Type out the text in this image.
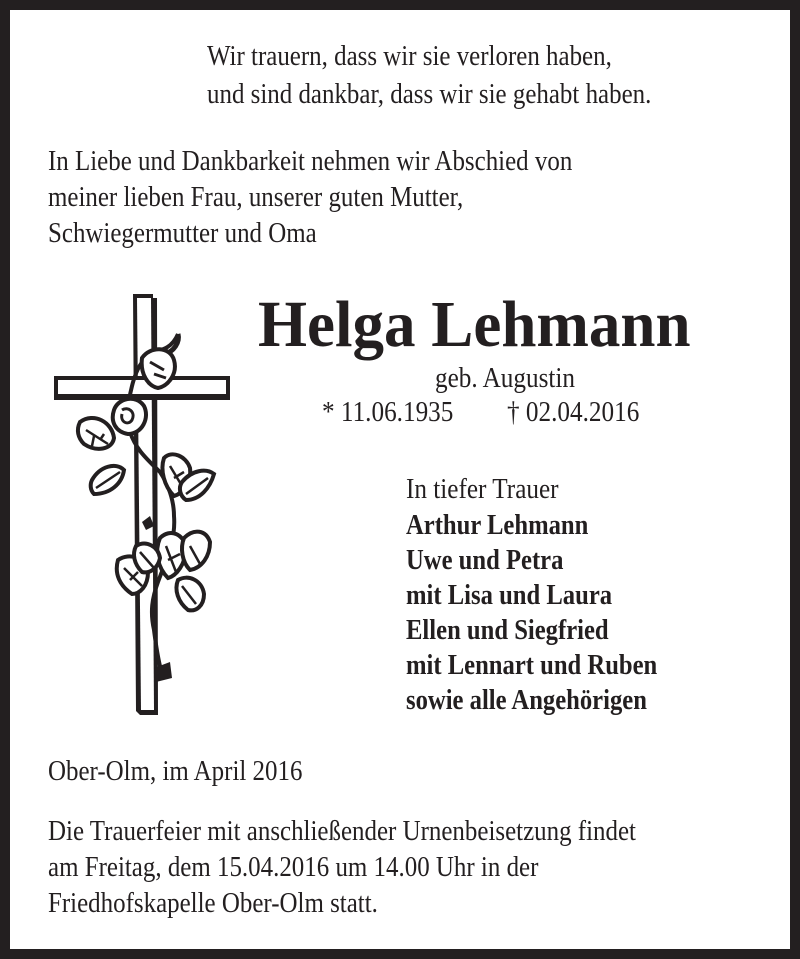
Wir trauern, dass wir sie verloren haben,
und sind dankbar, dass wir sie gehabt haben.
In Liebe und Dankbarkeit nehmen wir Abschied von
meiner lieben Frau, unserer guten Mutter,
Schwiegermutter und Oma
Helga Lehmann
geb. Augustin
* 11.06.1935 † 02.04.2016
In tiefer Trauer
Arthur Lehmann
Uwe und Petra
mit Lisa und Laura
Ellen und Siegfried
mit Lennart und Ruben
sowie alle Angehörigen
Ober-Olm, im April 2016
Die Trauerfeier mit anschließender Urnenbeisetzung findet
am Freitag, dem 15.04.2016 um 14.00 Uhr in der
Friedhofskapelle Ober-Olm statt.
